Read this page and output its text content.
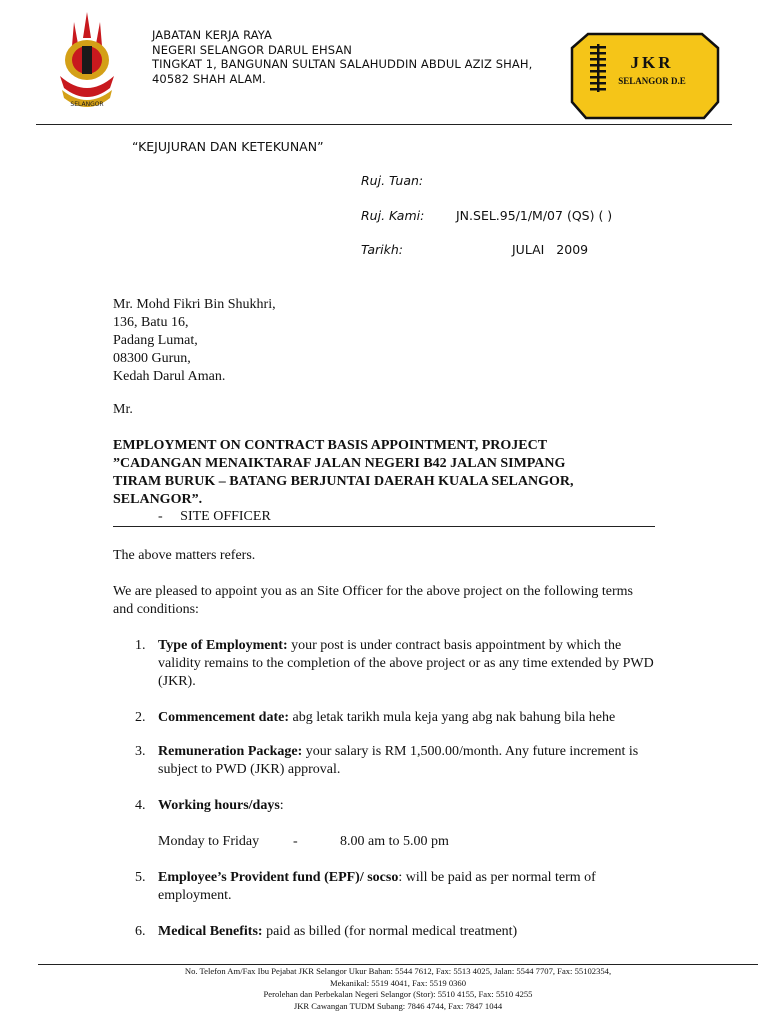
SELANGOR
JABATAN KERJA RAYA
NEGERI SELANGOR DARUL EHSAN
TINGKAT 1, BANGUNAN SULTAN SALAHUDDIN ABDUL AZIZ SHAH,
40582 SHAH ALAM.
JKR
SELANGOR D.E
“KEJUJURAN DAN KETEKUNAN”
Ruj. Tuan:
Ruj. Kami:	JN.SEL.95/1/M/07 (QS) ( )
Tarikh:	JULAI 2009
Mr. Mohd Fikri Bin Shukhri,
136, Batu 16,
Padang Lumat,
08300 Gurun,
Kedah Darul Aman.
Mr.
EMPLOYMENT ON CONTRACT BASIS APPOINTMENT, PROJECT
”CADANGAN MENAIKTARAF JALAN NEGERI B42 JALAN SIMPANG
TIRAM BURUK – BATANG BERJUNTAI DAERAH KUALA SELANGOR,
SELANGOR”.
-     SITE OFFICER
The above matters refers.
We are pleased to appoint you as an Site Officer for the above project on the following terms and conditions:
1. Type of Employment: your post is under contract basis appointment by which the validity remains to the completion of the above project or as any time extended by PWD (JKR).
2. Commencement date: abg letak tarikh mula keja yang abg nak bahung bila hehe
3. Remuneration Package: your salary is RM 1,500.00/month. Any future increment is subject to PWD (JKR) approval.
4. Working hours/days:
Monday to Friday -	8.00 am to 5.00 pm
5. Employee’s Provident fund (EPF)/ socso: will be paid as per normal term of employment.
6. Medical Benefits: paid as billed (for normal medical treatment)
No. Telefon Am/Fax Ibu Pejabat JKR Selangor Ukur Bahan: 5544 7612, Fax: 5513 4025, Jalan: 5544 7707, Fax: 55102354,
Mekanikal: 5519 4041, Fax: 5519 0360
Perolehan dan Perbekalan Negeri Selangor (Stor): 5510 4155, Fax: 5510 4255
JKR Cawangan TUDM Subang: 7846 4744, Fax: 7847 1044
